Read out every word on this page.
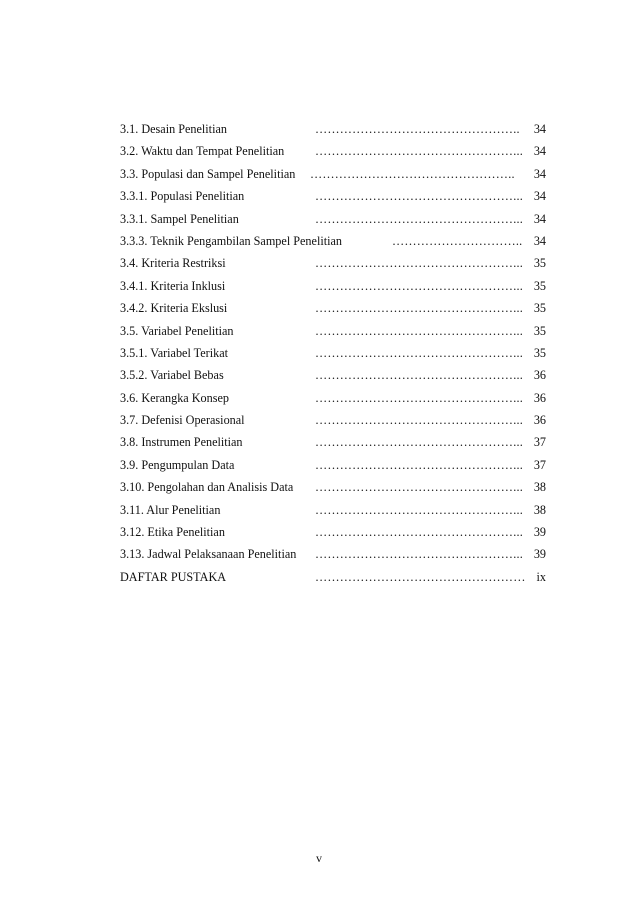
3.1. Desain Penelitian	………………………………………….. 34
3.2. Waktu dan Tempat Penelitian	…………………………………………... 34
3.3. Populasi dan Sampel Penelitian ………………………………………….. 34
3.3.1. Populasi Penelitian	…………………………………………... 34
3.3.1. Sampel Penelitian	…………………………………………... 34
3.3.3. Teknik Pengambilan Sampel Penelitian	………………………….. 34
3.4. Kriteria Restriksi	…………………………………………... 35
3.4.1. Kriteria Inklusi	…………………………………………... 35
3.4.2. Kriteria Ekslusi	…………………………………………... 35
3.5. Variabel Penelitian	…………………………………………... 35
3.5.1. Variabel Terikat	…………………………………………... 35
3.5.2. Variabel Bebas	…………………………………………... 36
3.6. Kerangka Konsep	…………………………………………... 36
3.7. Defenisi Operasional	…………………………………………... 36
3.8. Instrumen Penelitian	…………………………………………... 37
3.9. Pengumpulan Data	…………………………………………... 37
3.10. Pengolahan dan Analisis Data …………………………………………... 38
3.11. Alur Penelitian	…………………………………………... 38
3.12. Etika Penelitian	…………………………………………... 39
3.13. Jadwal Pelaksanaan Penelitian …………………………………………... 39
DAFTAR PUSTAKA	…………………………………………… ix
v
